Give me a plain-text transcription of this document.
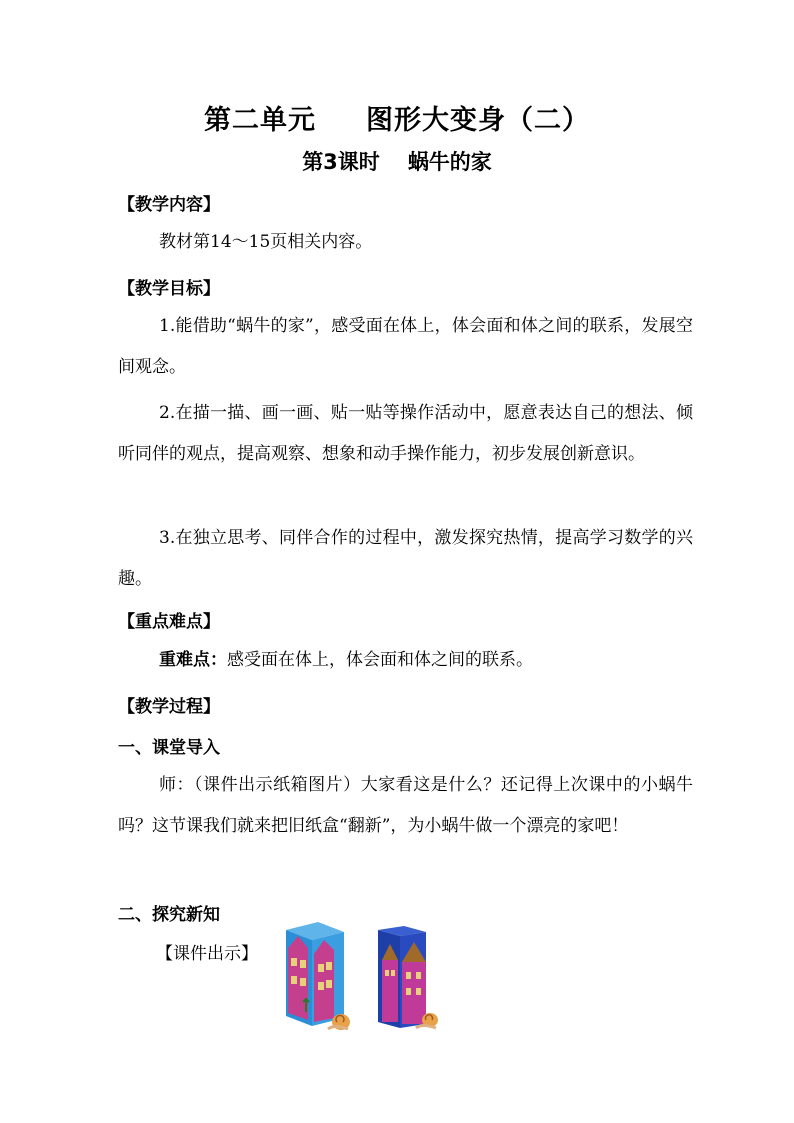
第二单元 图形大变身（二）
第3课时 蜗牛的家
【教学内容】
教材第14～15页相关内容。
【教学目标】
1.能借助“蜗牛的家”，感受面在体上，体会面和体之间的联系，发展空间观念。
2.在描一描、画一画、贴一贴等操作活动中，愿意表达自己的想法、倾听同伴的观点，提高观察、想象和动手操作能力，初步发展创新意识。
3.在独立思考、同伴合作的过程中，激发探究热情，提高学习数学的兴趣。
【重点难点】
重难点：感受面在体上，体会面和体之间的联系。
【教学过程】
一、课堂导入
师：（课件出示纸箱图片）大家看这是什么？还记得上次课中的小蜗牛吗？这节课我们就来把旧纸盒“翻新”，为小蜗牛做一个漂亮的家吧！
二、探究新知
【课件出示】
